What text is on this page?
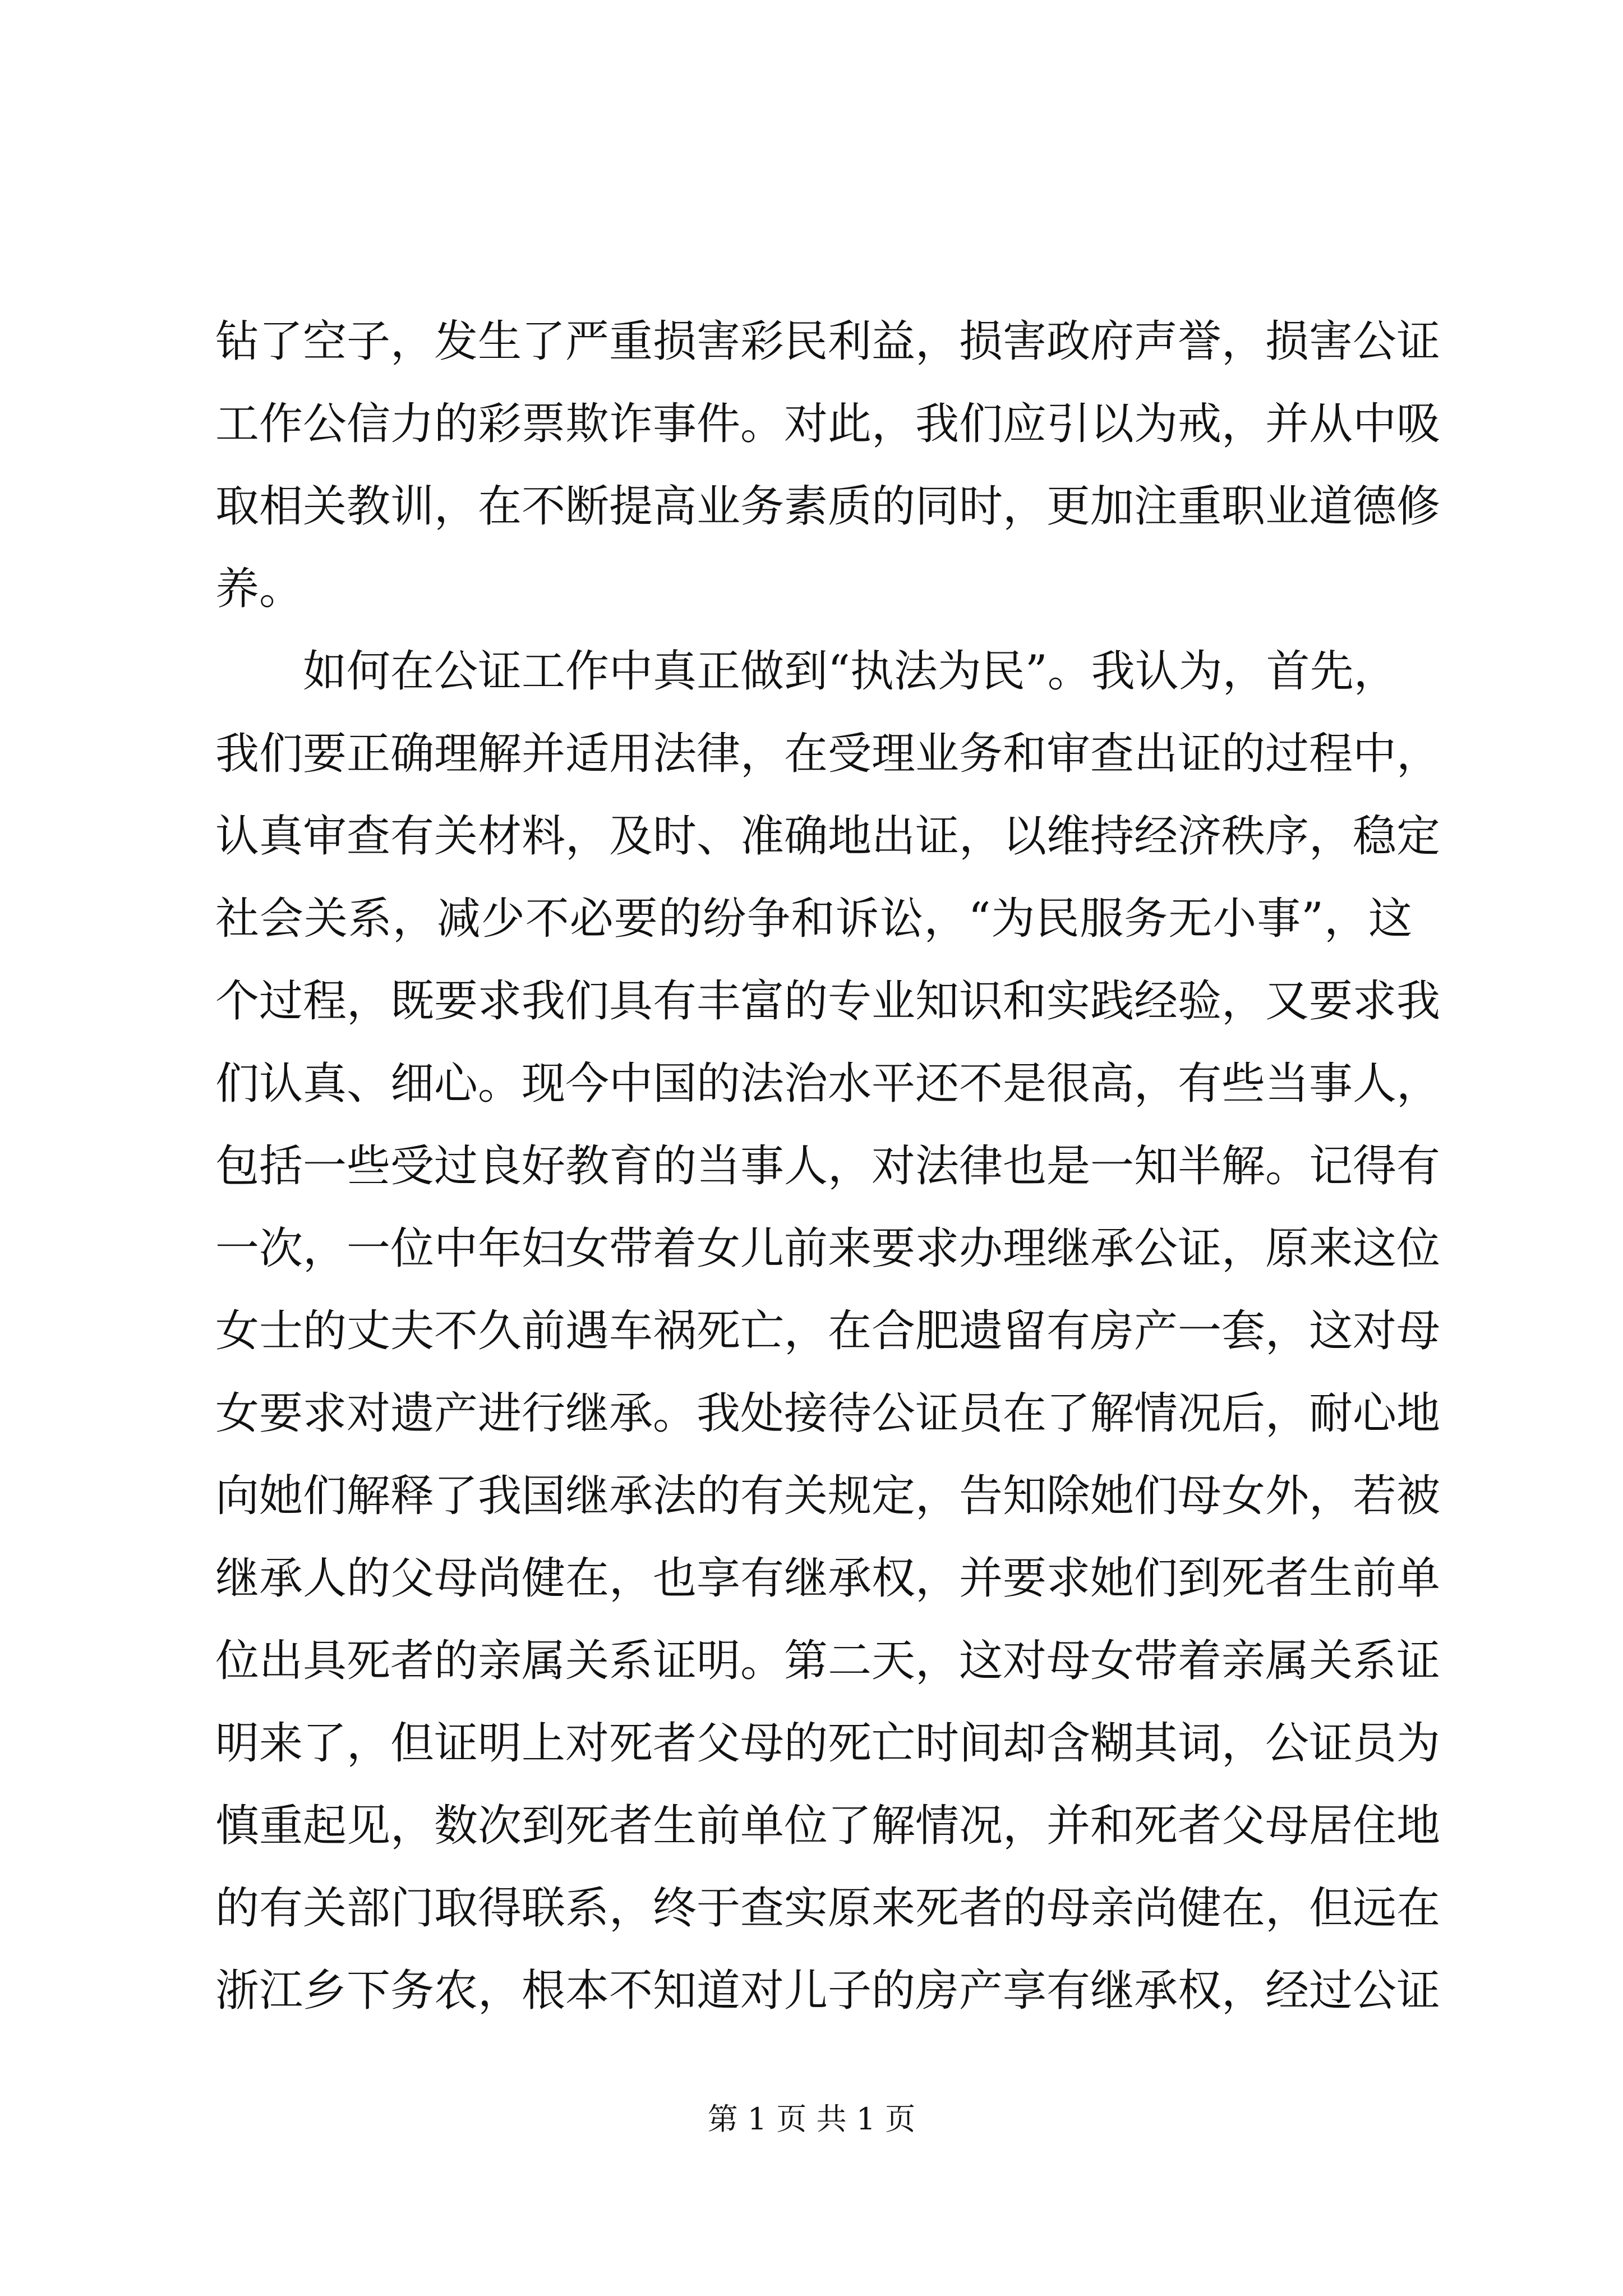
钻了空子，发生了严重损害彩民利益，损害政府声誉，损害公证
工作公信力的彩票欺诈事件。对此，我们应引以为戒，并从中吸
取相关教训，在不断提高业务素质的同时，更加注重职业道德修
养。
如何在公证工作中真正做到“执法为民”。我认为，首先，
我们要正确理解并适用法律，在受理业务和审查出证的过程中，
认真审查有关材料，及时、准确地出证，以维持经济秩序，稳定
社会关系，减少不必要的纷争和诉讼，“为民服务无小事”，这
个过程，既要求我们具有丰富的专业知识和实践经验，又要求我
们认真、细心。现今中国的法治水平还不是很高，有些当事人，
包括一些受过良好教育的当事人，对法律也是一知半解。记得有
一次，一位中年妇女带着女儿前来要求办理继承公证，原来这位
女士的丈夫不久前遇车祸死亡，在合肥遗留有房产一套，这对母
女要求对遗产进行继承。我处接待公证员在了解情况后，耐心地
向她们解释了我国继承法的有关规定，告知除她们母女外，若被
继承人的父母尚健在，也享有继承权，并要求她们到死者生前单
位出具死者的亲属关系证明。第二天，这对母女带着亲属关系证
明来了，但证明上对死者父母的死亡时间却含糊其词，公证员为
慎重起见，数次到死者生前单位了解情况，并和死者父母居住地
的有关部门取得联系，终于查实原来死者的母亲尚健在，但远在
浙江乡下务农，根本不知道对儿子的房产享有继承权，经过公证
第 1 页 共 1 页
